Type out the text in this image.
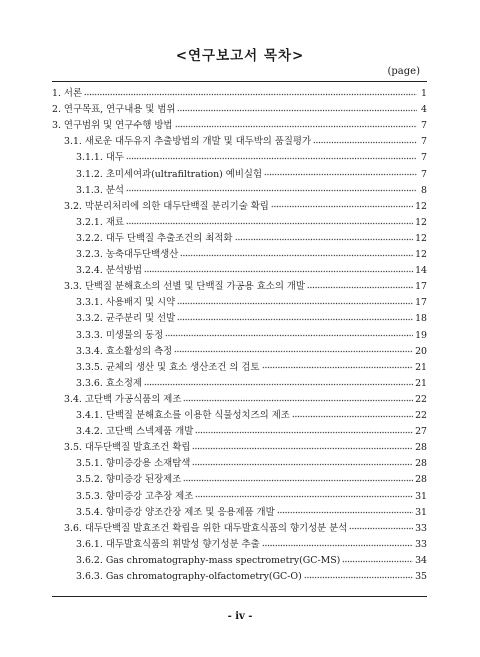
<연구보고서 목차>
(page)
1. 서론	1
2. 연구목표, 연구내용 및 범위	4
3. 연구범위 및 연구수행 방법	7
3.1. 새로운 대두유지 추출방법의 개발 및 대두박의 품질평가	7
3.1.1. 대두	7
3.1.2. 초미세여과(ultrafiltration) 예비실험	7
3.1.3. 분석	8
3.2. 막분리처리에 의한 대두단백질 분리기술 확립	12
3.2.1. 재료	12
3.2.2. 대두 단백질 추출조건의 최적화	12
3.2.3. 농축대두단백생산	12
3.2.4. 분석방법	14
3.3. 단백질 분해효소의 선별 및 단백질 가공용 효소의 개발	17
3.3.1. 사용배지 및 시약	17
3.3.2. 균주분리 및 선발	18
3.3.3. 미생물의 동정	19
3.3.4. 효소활성의 측정	20
3.3.5. 균체의 생산 및 효소 생산조건 의 검토	21
3.3.6. 효소정제	21
3.4. 고단백 가공식품의 제조	22
3.4.1. 단백질 분해효소를 이용한 식물성치즈의 제조	22
3.4.2. 고단백 스넥제품 개발	27
3.5. 대두단백질 발효조건 확립	28
3.5.1. 향미증강용 소재탐색	28
3.5.2. 향미증강 된장제조	28
3.5.3. 향미증강 고추장 제조	31
3.5.4. 향미증강 양조간장 제조 및 응용제품 개발	31
3.6. 대두단백질 발효조건 확립을 위한 대두발효식품의 향기성분 분석	33
3.6.1. 대두발효식품의 휘발성 향기성분 추출	33
3.6.2. Gas chromatography-mass spectrometry(GC-MS)	34
3.6.3. Gas chromatography-olfactometry(GC-O)	35
- iv -
